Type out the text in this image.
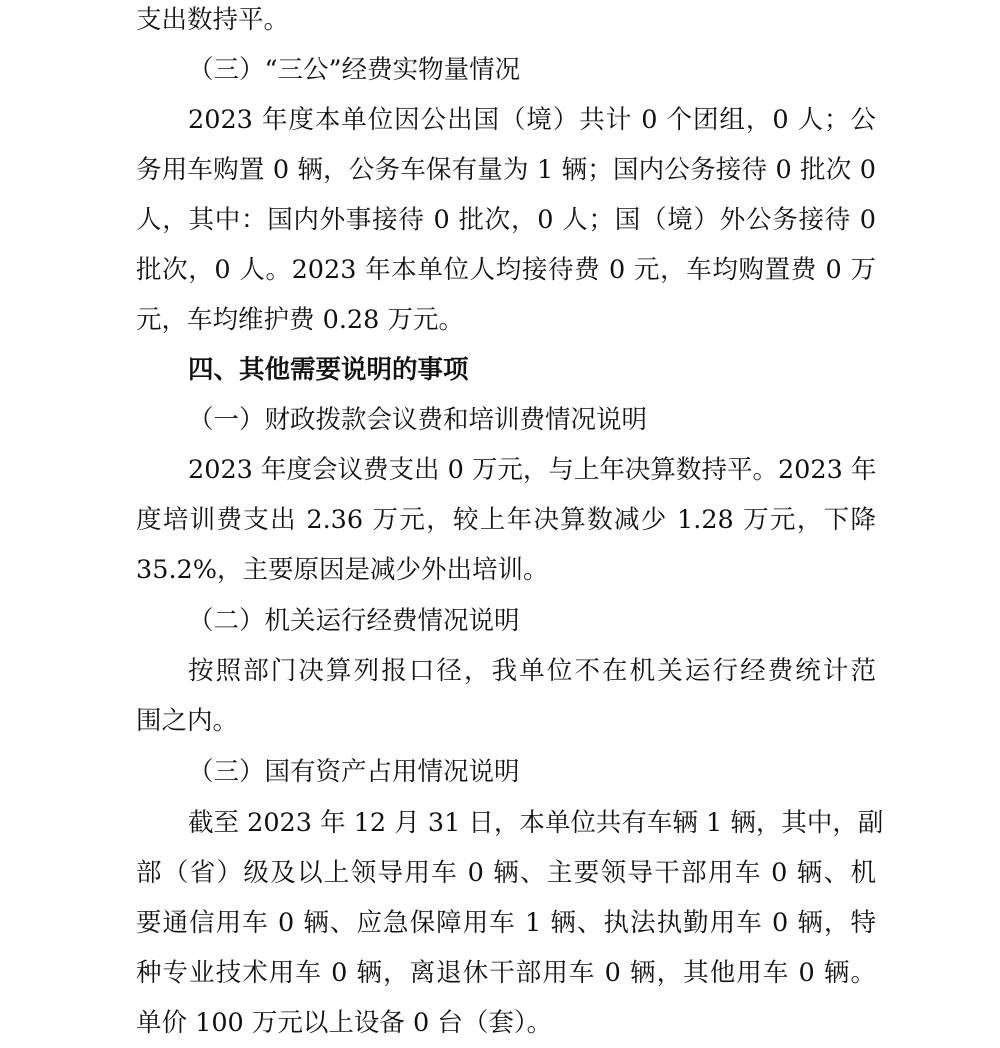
支出数持平。
（三）“三公”经费实物量情况
2023 年度本单位因公出国（境）共计 0 个团组，0 人；公
务用车购置 0 辆，公务车保有量为 1 辆；国内公务接待 0 批次 0
人，其中：国内外事接待 0 批次，0 人；国（境）外公务接待 0
批次，0 人。2023 年本单位人均接待费 0 元，车均购置费 0 万
元，车均维护费 0.28 万元。
四、其他需要说明的事项
（一）财政拨款会议费和培训费情况说明
2023 年度会议费支出 0 万元，与上年决算数持平。2023 年
度培训费支出 2.36 万元，较上年决算数减少 1.28 万元，下降
35.2%，主要原因是减少外出培训。
（二）机关运行经费情况说明
按照部门决算列报口径，我单位不在机关运行经费统计范
围之内。
（三）国有资产占用情况说明
截至 2023 年 12 月 31 日，本单位共有车辆 1 辆，其中，副
部（省）级及以上领导用车 0 辆、主要领导干部用车 0 辆、机
要通信用车 0 辆、应急保障用车 1 辆、执法执勤用车 0 辆，特
种专业技术用车 0 辆，离退休干部用车 0 辆，其他用车 0 辆。
单价 100 万元以上设备 0 台（套）。
